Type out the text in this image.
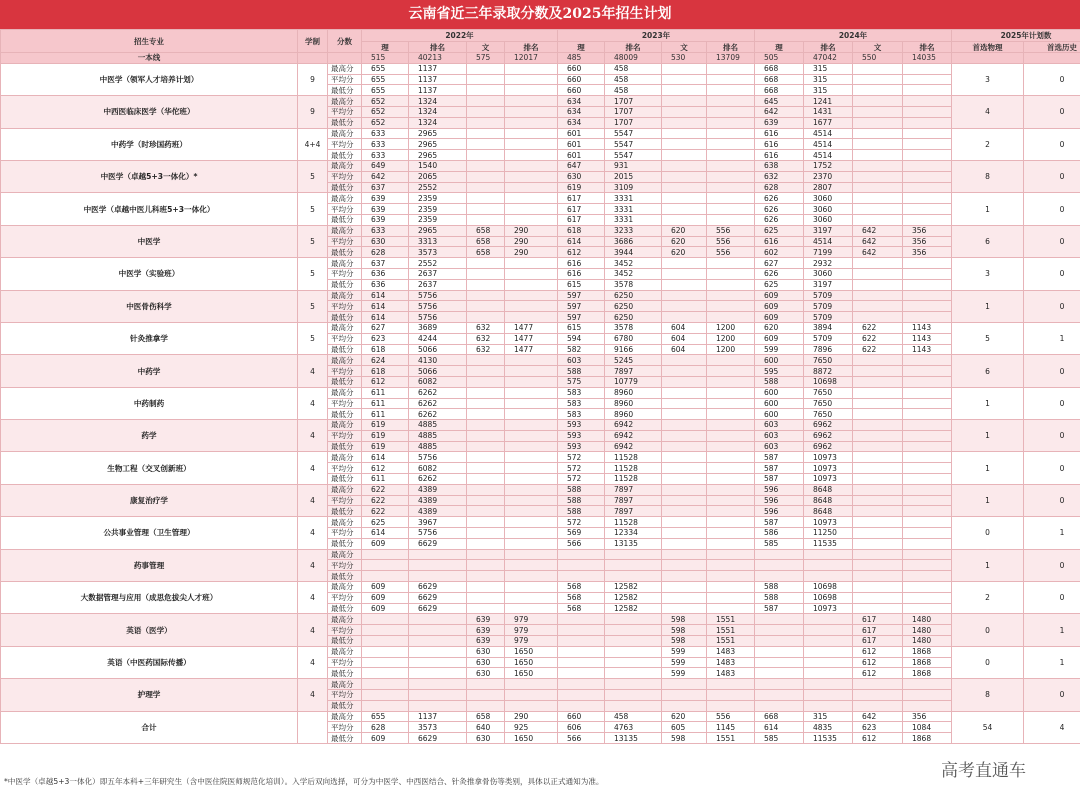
云南省近三年录取分数及2025年招生计划
招生专业	学制	分数	2022年				2023年				2024年				2025年计划数	
			理	排名	文	排名	理	排名	文	排名	理	排名	文	排名	首选物理	首选历史
一本线			515	40213	575	12017	485	48009	530	13709	505	47042	550	14035		
中医学（领军人才培养计划）	9	最高分	655	1137			660	458			668	315			3	0
		平均分	655	1137			660	458			668	315				
		最低分	655	1137			660	458			668	315				
中西医临床医学（华佗班）	9	最高分	652	1324			634	1707			645	1241			4	0
		平均分	652	1324			634	1707			642	1431				
		最低分	652	1324			634	1707			639	1677				
中药学（时珍国药班）	4+4	最高分	633	2965			601	5547			616	4514			2	0
		平均分	633	2965			601	5547			616	4514				
		最低分	633	2965			601	5547			616	4514				
中医学（卓越5+3一体化）*	5	最高分	649	1540			647	931			638	1752			8	0
		平均分	642	2065			630	2015			632	2370				
		最低分	637	2552			619	3109			628	2807				
中医学（卓越中医儿科班5+3一体化）	5	最高分	639	2359			617	3331			626	3060			1	0
		平均分	639	2359			617	3331			626	3060				
		最低分	639	2359			617	3331			626	3060				
中医学	5	最高分	633	2965	658	290	618	3233	620	556	625	3197	642	356	6	0
		平均分	630	3313	658	290	614	3686	620	556	616	4514	642	356		
		最低分	628	3573	658	290	612	3944	620	556	602	7199	642	356		
中医学（实验班）	5	最高分	637	2552			616	3452			627	2932			3	0
		平均分	636	2637			616	3452			626	3060				
		最低分	636	2637			615	3578			625	3197				
中医骨伤科学	5	最高分	614	5756			597	6250			609	5709			1	0
		平均分	614	5756			597	6250			609	5709				
		最低分	614	5756			597	6250			609	5709				
针灸推拿学	5	最高分	627	3689	632	1477	615	3578	604	1200	620	3894	622	1143	5	1
		平均分	623	4244	632	1477	594	6780	604	1200	609	5709	622	1143		
		最低分	618	5066	632	1477	582	9166	604	1200	599	7896	622	1143		
中药学	4	最高分	624	4130			603	5245			600	7650			6	0
		平均分	618	5066			588	7897			595	8872				
		最低分	612	6082			575	10779			588	10698				
中药制药	4	最高分	611	6262			583	8960			600	7650			1	0
		平均分	611	6262			583	8960			600	7650				
		最低分	611	6262			583	8960			600	7650				
药学	4	最高分	619	4885			593	6942			603	6962			1	0
		平均分	619	4885			593	6942			603	6962				
		最低分	619	4885			593	6942			603	6962				
生物工程（交叉创新班）	4	最高分	614	5756			572	11528			587	10973			1	0
		平均分	612	6082			572	11528			587	10973				
		最低分	611	6262			572	11528			587	10973				
康复治疗学	4	最高分	622	4389			588	7897			596	8648			1	0
		平均分	622	4389			588	7897			596	8648				
		最低分	622	4389			588	7897			596	8648				
公共事业管理（卫生管理）	4	最高分	625	3967			572	11528			587	10973			0	1
		平均分	614	5756			569	12334			586	11250				
		最低分	609	6629			566	13135			585	11535				
药事管理	4	最高分													1	0
		平均分														
		最低分														
大数据管理与应用（成思危拔尖人才班）	4	最高分	609	6629			568	12582			588	10698			2	0
		平均分	609	6629			568	12582			588	10698				
		最低分	609	6629			568	12582			587	10973				
英语（医学）	4	最高分			639	979			598	1551			617	1480	0	1
		平均分			639	979			598	1551			617	1480		
		最低分			639	979			598	1551			617	1480		
英语（中医药国际传播）	4	最高分			630	1650			599	1483			612	1868	0	1
		平均分			630	1650			599	1483			612	1868		
		最低分			630	1650			599	1483			612	1868		
护理学	4	最高分													8	0
		平均分														
		最低分														
合计		最高分	655	1137	658	290	660	458	620	556	668	315	642	356	54	4
		平均分	628	3573	640	925	606	4763	605	1145	614	4835	623	1084		
		最低分	609	6629	630	1650	566	13135	598	1551	585	11535	612	1868		
高考直通车
*中医学（卓越5+3一体化）即五年本科+三年研究生（含中医住院医师规范化培训）。入学后双向选择，可分为中医学、中西医结合、针灸推拿骨伤等类别，具体以正式通知为准。
